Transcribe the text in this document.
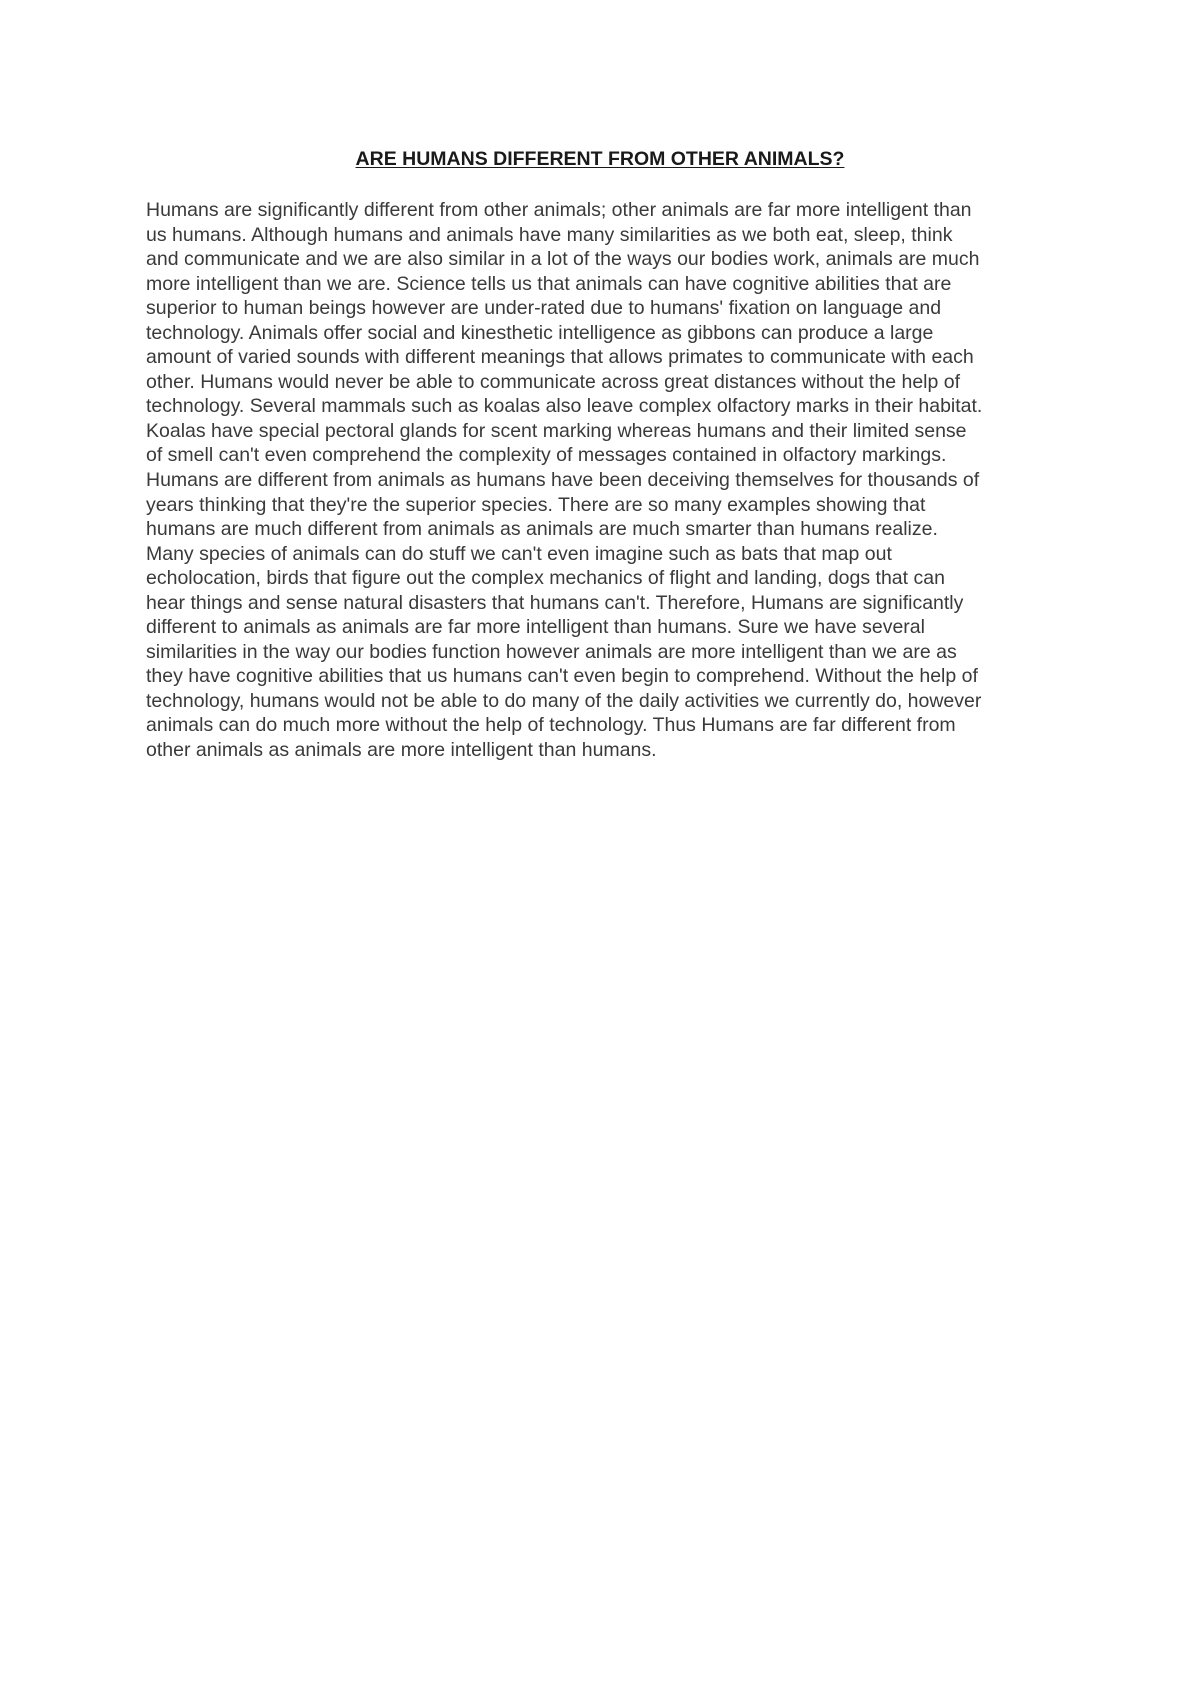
ARE HUMANS DIFFERENT FROM OTHER ANIMALS?

Humans are significantly different from other animals; other animals are far more intelligent than
us humans. Although humans and animals have many similarities as we both eat, sleep, think
and communicate and we are also similar in a lot of the ways our bodies work, animals are much
more intelligent than we are. Science tells us that animals can have cognitive abilities that are
superior to human beings however are under-rated due to humans' fixation on language and
technology. Animals offer social and kinesthetic intelligence as gibbons can produce a large
amount of varied sounds with different meanings that allows primates to communicate with each
other. Humans would never be able to communicate across great distances without the help of
technology. Several mammals such as koalas also leave complex olfactory marks in their habitat.
Koalas have special pectoral glands for scent marking whereas humans and their limited sense
of smell can't even comprehend the complexity of messages contained in olfactory markings.
Humans are different from animals as humans have been deceiving themselves for thousands of
years thinking that they're the superior species. There are so many examples showing that
humans are much different from animals as animals are much smarter than humans realize.
Many species of animals can do stuff we can't even imagine such as bats that map out
echolocation, birds that figure out the complex mechanics of flight and landing, dogs that can
hear things and sense natural disasters that humans can't. Therefore, Humans are significantly
different to animals as animals are far more intelligent than humans. Sure we have several
similarities in the way our bodies function however animals are more intelligent than we are as
they have cognitive abilities that us humans can't even begin to comprehend. Without the help of
technology, humans would not be able to do many of the daily activities we currently do, however
animals can do much more without the help of technology. Thus Humans are far different from
other animals as animals are more intelligent than humans.
